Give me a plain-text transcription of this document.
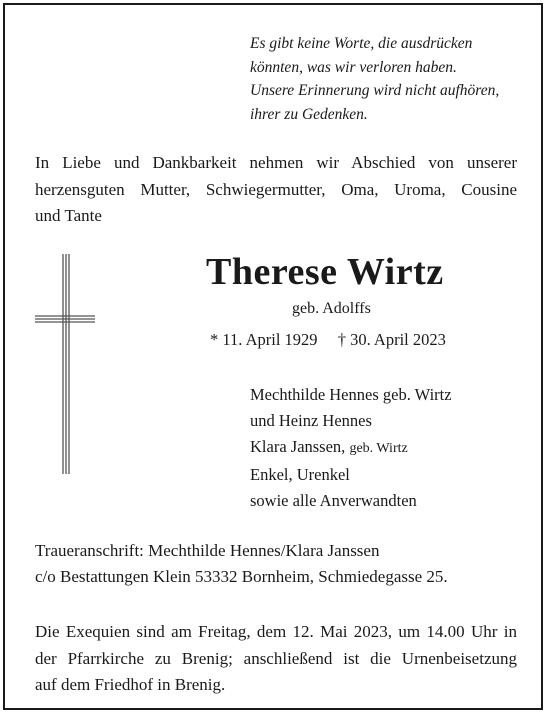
Es gibt keine Worte, die ausdrücken
könnten, was wir verloren haben.
Unsere Erinnerung wird nicht aufhören,
ihrer zu Gedenken.
In Liebe und Dankbarkeit nehmen wir Abschied von unserer
herzensguten Mutter, Schwiegermutter, Oma, Uroma, Cousine
und Tante
Therese Wirtz
geb. Adolffs
* 11. April 1929 † 30. April 2023
Mechthilde Hennes geb. Wirtz
und Heinz Hennes
Klara Janssen, geb. Wirtz
Enkel, Urenkel
sowie alle Anverwandten
Traueranschrift: Mechthilde Hennes/Klara Janssen
c/o Bestattungen Klein 53332 Bornheim, Schmiedegasse 25.
Die Exequien sind am Freitag, dem 12. Mai 2023, um 14.00 Uhr in
der Pfarrkirche zu Brenig; anschließend ist die Urnenbeisetzung
auf dem Friedhof in Brenig.
